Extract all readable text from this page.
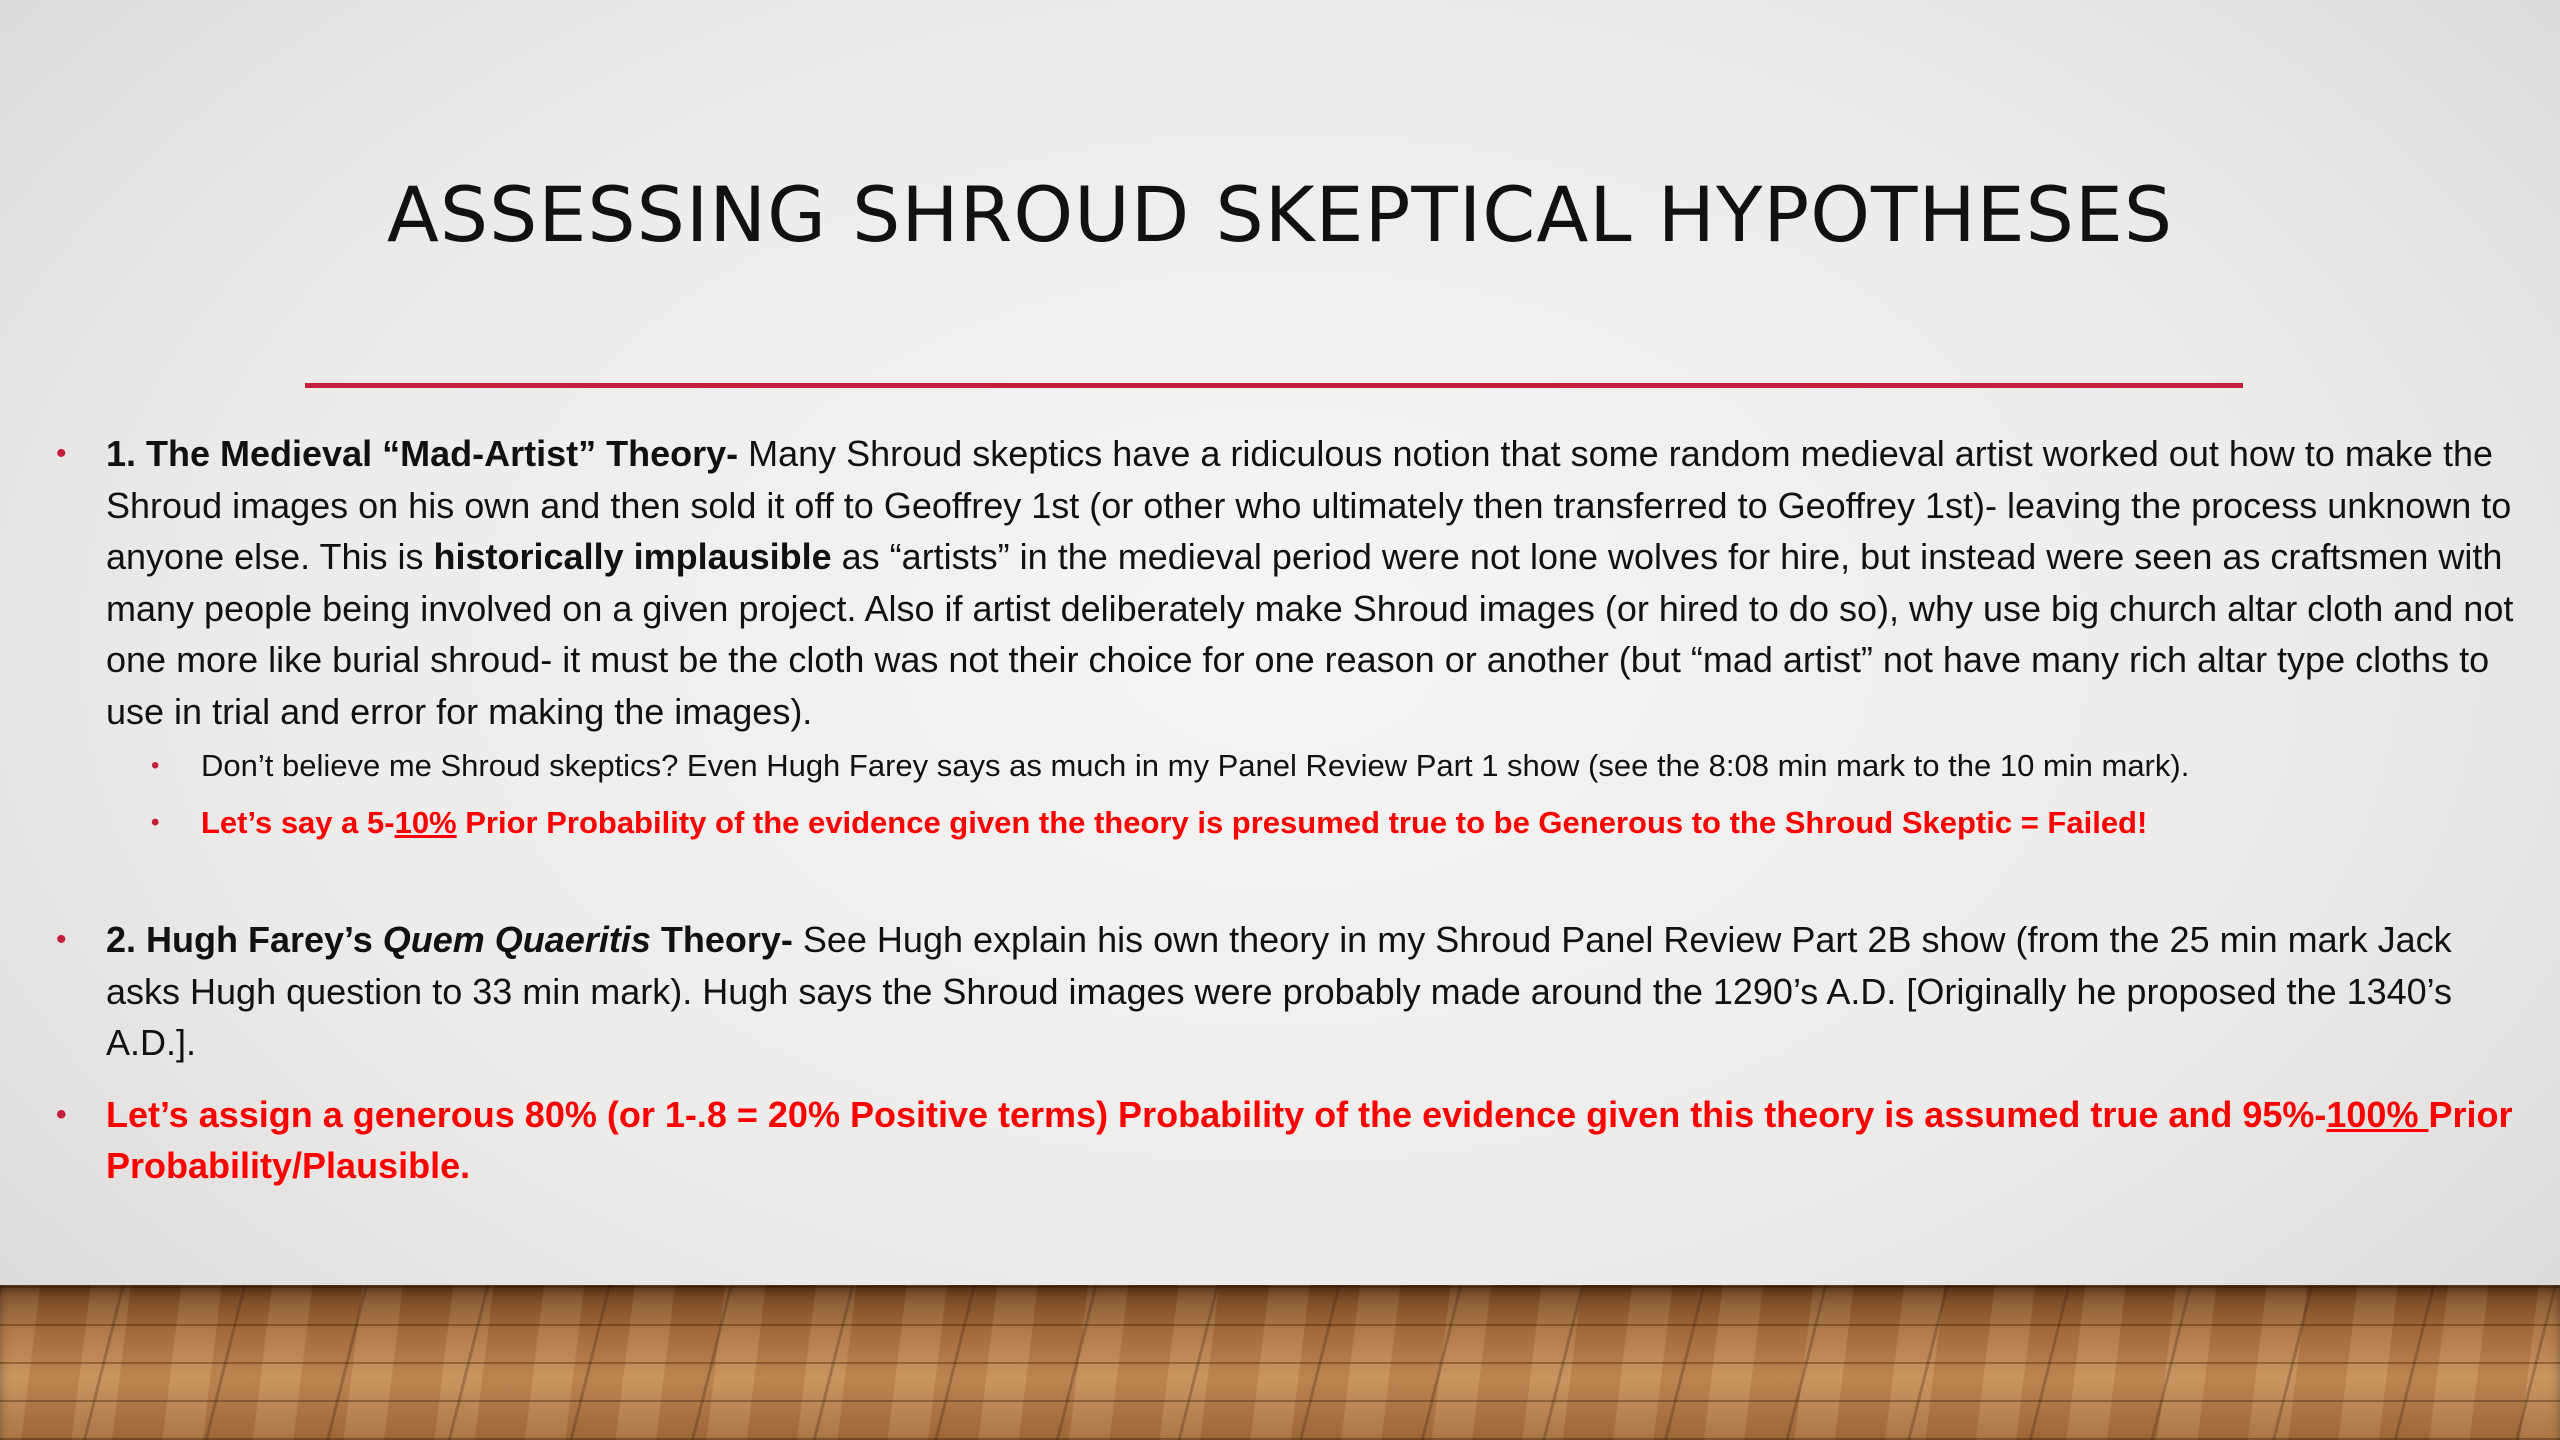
ASSESSING SHROUD SKEPTICAL HYPOTHESES
• 1. The Medieval “Mad-Artist” Theory- Many Shroud skeptics have a ridiculous notion that some random medieval artist worked out how to make the Shroud images on his own and then sold it off to Geoffrey 1st (or other who ultimately then transferred to Geoffrey 1st)- leaving the process unknown to anyone else. This is historically implausible as “artists” in the medieval period were not lone wolves for hire, but instead were seen as craftsmen with many people being involved on a given project. Also if artist deliberately make Shroud images (or hired to do so), why use big church altar cloth and not one more like burial shroud- it must be the cloth was not their choice for one reason or another (but “mad artist” not have many rich altar type cloths to use in trial and error for making the images).
• Don’t believe me Shroud skeptics? Even Hugh Farey says as much in my Panel Review Part 1 show (see the 8:08 min mark to the 10 min mark).
• Let’s say a 5-10% Prior Probability of the evidence given the theory is presumed true to be Generous to the Shroud Skeptic = Failed!
• 2. Hugh Farey’s Quem Quaeritis Theory- See Hugh explain his own theory in my Shroud Panel Review Part 2B show (from the 25 min mark Jack asks Hugh question to 33 min mark). Hugh says the Shroud images were probably made around the 1290’s A.D. [Originally he proposed the 1340’s A.D.].
• Let’s assign a generous 80% (or 1-.8 = 20% Positive terms) Probability of the evidence given this theory is assumed true and 95%-100% Prior Probability/Plausible.
